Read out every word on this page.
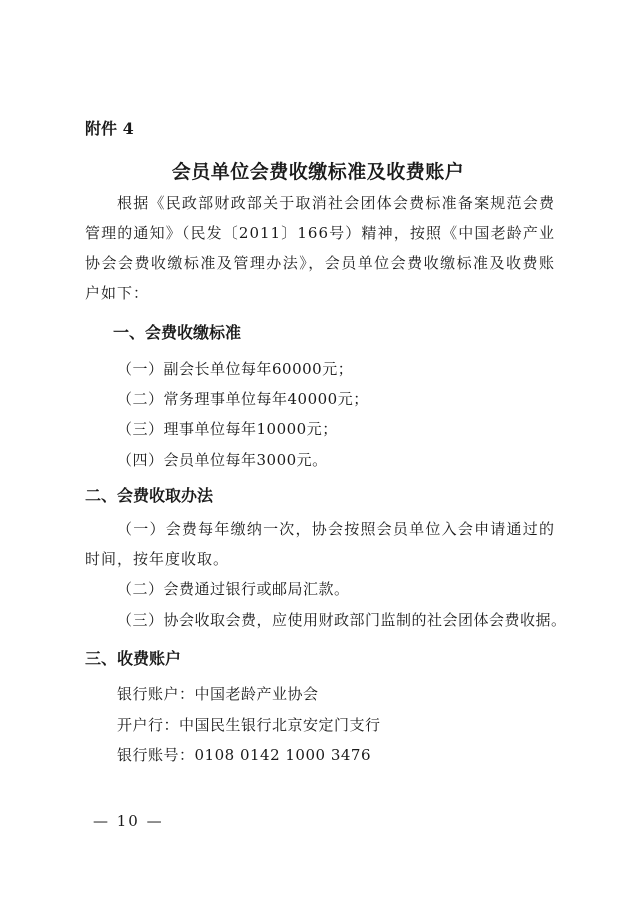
附件 4
会员单位会费收缴标准及收费账户
根据《民政部财政部关于取消社会团体会费标准备案规范会费管理的通知》（民发〔2011〕166号）精神，按照《中国老龄产业协会会费收缴标准及管理办法》，会员单位会费收缴标准及收费账户如下：
一、会费收缴标准
（一）副会长单位每年60000元；
（二）常务理事单位每年40000元；
（三）理事单位每年10000元；
（四）会员单位每年3000元。
二、会费收取办法
（一）会费每年缴纳一次，协会按照会员单位入会申请通过的时间，按年度收取。
（二）会费通过银行或邮局汇款。
（三）协会收取会费，应使用财政部门监制的社会团体会费收据。
三、收费账户
银行账户：中国老龄产业协会
开户行：中国民生银行北京安定门支行
银行账号：0108 0142 1000 3476
— 10 —
